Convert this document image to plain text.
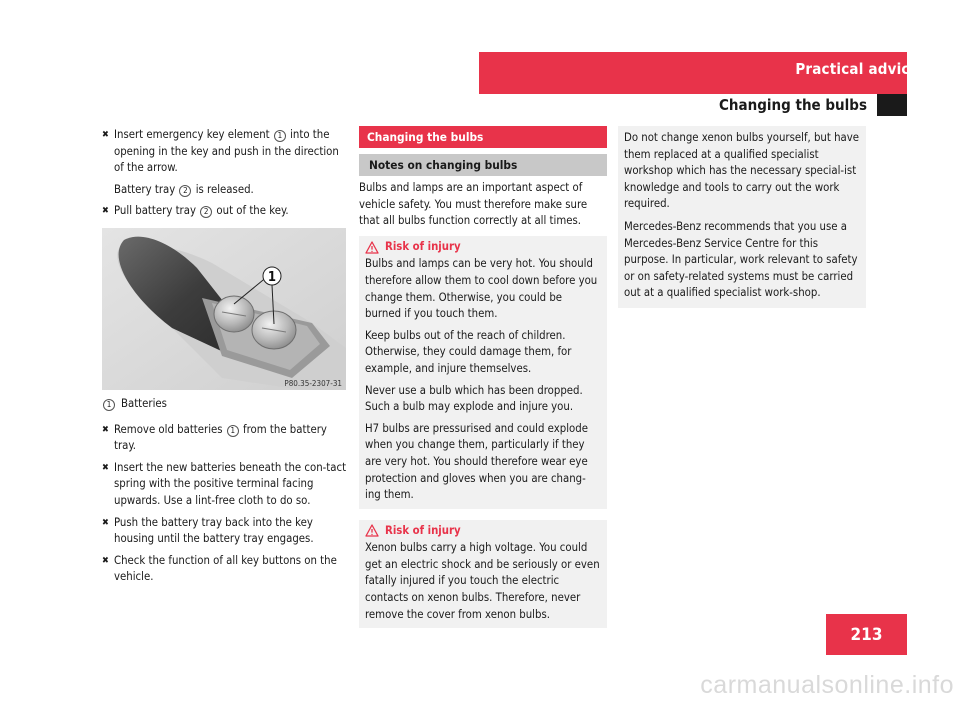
Practical advice
Changing the bulbs
✖ Insert emergency key element 1 into the opening in the key and push in the direction of the arrow.
Battery tray 2 is released.
✖ Pull battery tray 2 out of the key.
1
P80.35-2307-31
1 Batteries
✖ Remove old batteries 1 from the battery tray.
✖ Insert the new batteries beneath the con-tact spring with the positive terminal facing upwards. Use a lint-free cloth to do so.
✖ Push the battery tray back into the key housing until the battery tray engages.
✖ Check the function of all key buttons on the vehicle.
Changing the bulbs
Notes on changing bulbs
Bulbs and lamps are an important aspect of vehicle safety. You must therefore make sure that all bulbs function correctly at all times.
Risk of injury

Bulbs and lamps can be very hot. You should therefore allow them to cool down before you change them. Otherwise, you could be burned if you touch them.

Keep bulbs out of the reach of children. Otherwise, they could damage them, for example, and injure themselves.

Never use a bulb which has been dropped. Such a bulb may explode and injure you.

H7 bulbs are pressurised and could explode when you change them, particularly if they are very hot. You should therefore wear eye protection and gloves when you are chang-ing them.

Risk of injury

Xenon bulbs carry a high voltage. You could get an electric shock and be seriously or even fatally injured if you touch the electric contacts on xenon bulbs. Therefore, never remove the cover from xenon bulbs.

Do not change xenon bulbs yourself, but have them replaced at a qualified specialist workshop which has the necessary special-ist knowledge and tools to carry out the work required.

Mercedes-Benz recommends that you use a Mercedes-Benz Service Centre for this purpose. In particular, work relevant to safety or on safety-related systems must be carried out at a qualified specialist work-shop.

213
carmanualsonline.info
